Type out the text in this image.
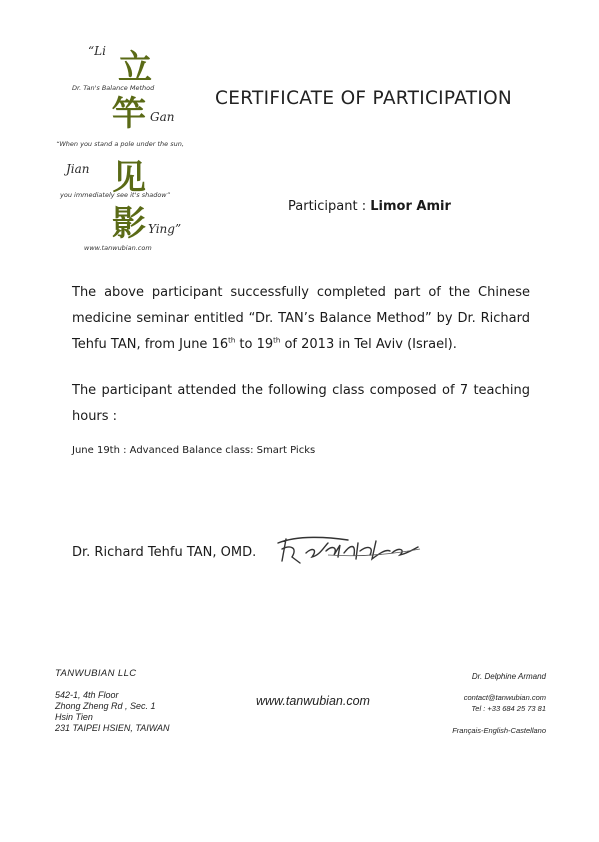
“Li 立
Dr. Tan's Balance Method
竿 Gan
“When you stand a pole under the sun,
Jian 见
you immediately see it's shadow”
影 Ying”
www.tanwubian.com
CERTIFICATE OF PARTICIPATION
Participant : Limor Amir
The above participant successfully completed part of the Chinese medicine seminar entitled “Dr. TAN’s Balance Method” by Dr. Richard Tehfu TAN, from June 16th to 19th of 2013 in Tel Aviv (Israel).
The participant attended the following class composed of 7 teaching hours :
June 19th : Advanced Balance class: Smart Picks
Dr. Richard Tehfu TAN, OMD.
TANWUBIAN LLC
542-1, 4th Floor
Zhong Zheng Rd , Sec. 1
Hsin Tien
231 TAIPEI HSIEN, TAIWAN
www.tanwubian.com
Dr. Delphine Armand
contact@tanwubian.com
Tel : +33 684 25 73 81
Français-English-Castellano
